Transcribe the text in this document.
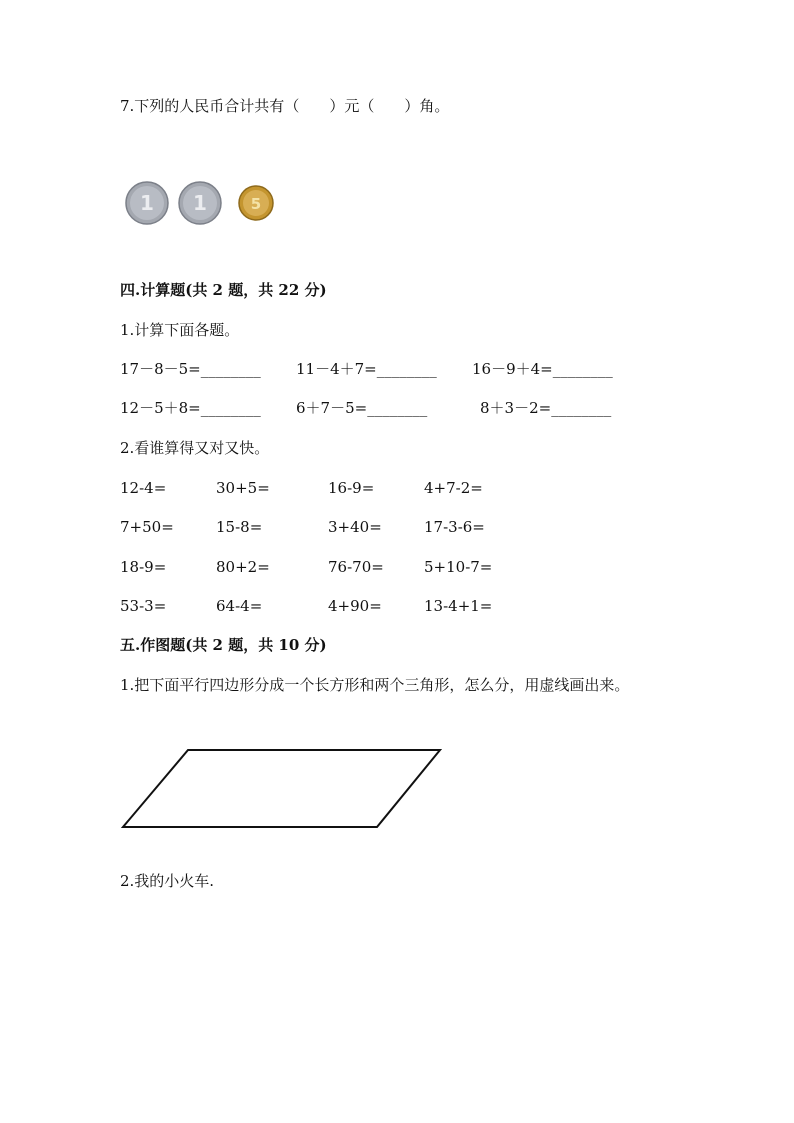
7.下列的人民币合计共有（　　）元（　　）角。
1 1	5
四.计算题(共 2 题，共 22 分)
1.计算下面各题。
17－8－5=________ 11－4＋7=________ 16－9＋4=________
12－5＋8=________ 6＋7－5=________	8＋3－2=________
2.看谁算得又对又快。
12-4=	30+5=	16-9=	4+7-2=
7+50=	15-8=	3+40=	17-3-6=
18-9=	80+2=	76-70=	5+10-7=
53-3=	64-4=	4+90=	13-4+1=
五.作图题(共 2 题，共 10 分)
1.把下面平行四边形分成一个长方形和两个三角形，怎么分，用虚线画出来。
2.我的小火车.
